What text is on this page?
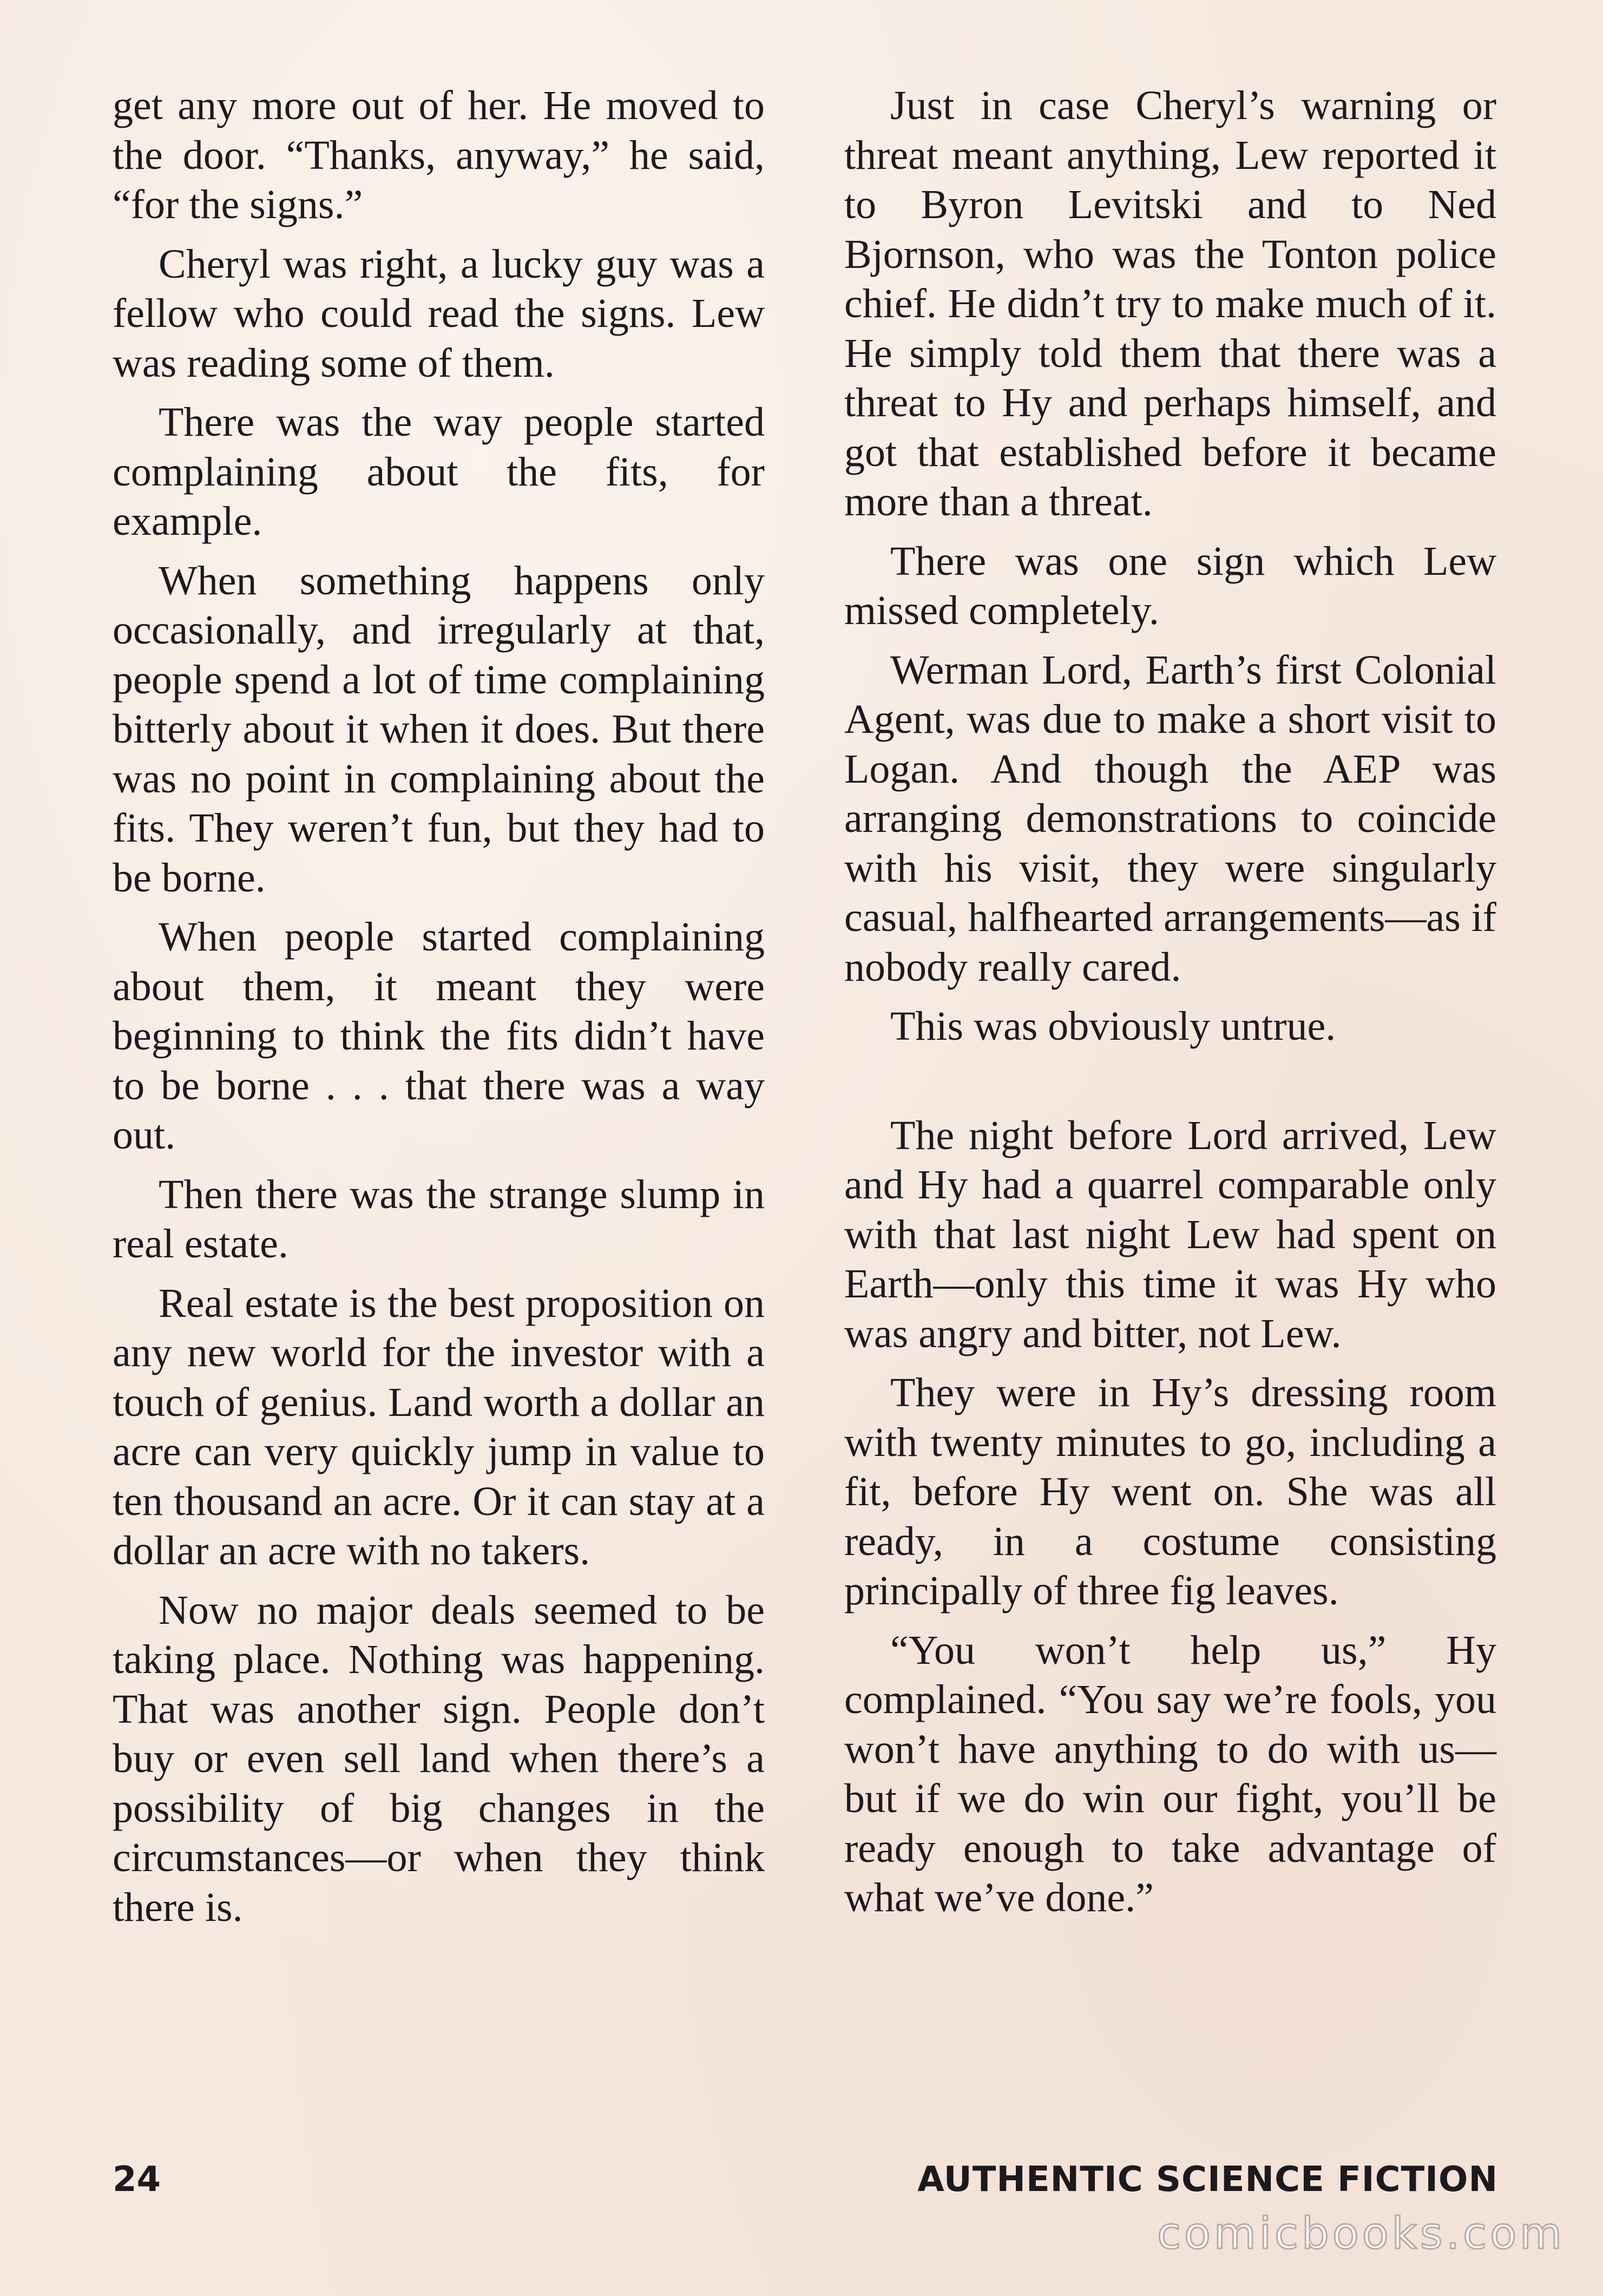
get any more out of her. He moved to the door. “Thanks, anyway,” he said, “for the signs.”

Cheryl was right, a lucky guy was a fellow who could read the signs. Lew was reading some of them.

There was the way people started complaining about the fits, for example.

When something happens only occasionally, and irregularly at that, people spend a lot of time complaining bitterly about it when it does. But there was no point in complaining about the fits. They weren’t fun, but they had to be borne.

When people started complaining about them, it meant they were beginning to think the fits didn’t have to be borne . . . that there was a way out.

Then there was the strange slump in real estate.

Real estate is the best proposition on any new world for the investor with a touch of genius. Land worth a dollar an acre can very quickly jump in value to ten thousand an acre. Or it can stay at a dollar an acre with no takers.

Now no major deals seemed to be taking place. Nothing was happening. That was another sign. People don’t buy or even sell land when there’s a possibility of big changes in the circumstances—or when they think there is.

Just in case Cheryl’s warning or threat meant anything, Lew reported it to Byron Levitski and to Ned Bjornson, who was the Tonton police chief. He didn’t try to make much of it. He simply told them that there was a threat to Hy and perhaps himself, and got that established before it became more than a threat.

There was one sign which Lew missed completely.

Werman Lord, Earth’s first Colonial Agent, was due to make a short visit to Logan. And though the AEP was arranging demonstrations to coincide with his visit, they were singularly casual, halfhearted arrangements—as if nobody really cared.

This was obviously untrue.

The night before Lord arrived, Lew and Hy had a quarrel comparable only with that last night Lew had spent on Earth—only this time it was Hy who was angry and bitter, not Lew.

They were in Hy’s dressing room with twenty minutes to go, including a fit, before Hy went on. She was all ready, in a costume consisting principally of three fig leaves.

“You won’t help us,” Hy complained. “You say we’re fools, you won’t have anything to do with us—but if we do win our fight, you’ll be ready enough to take advantage of what we’ve done.”

24	AUTHENTIC SCIENCE FICTION
comicbooks.com
